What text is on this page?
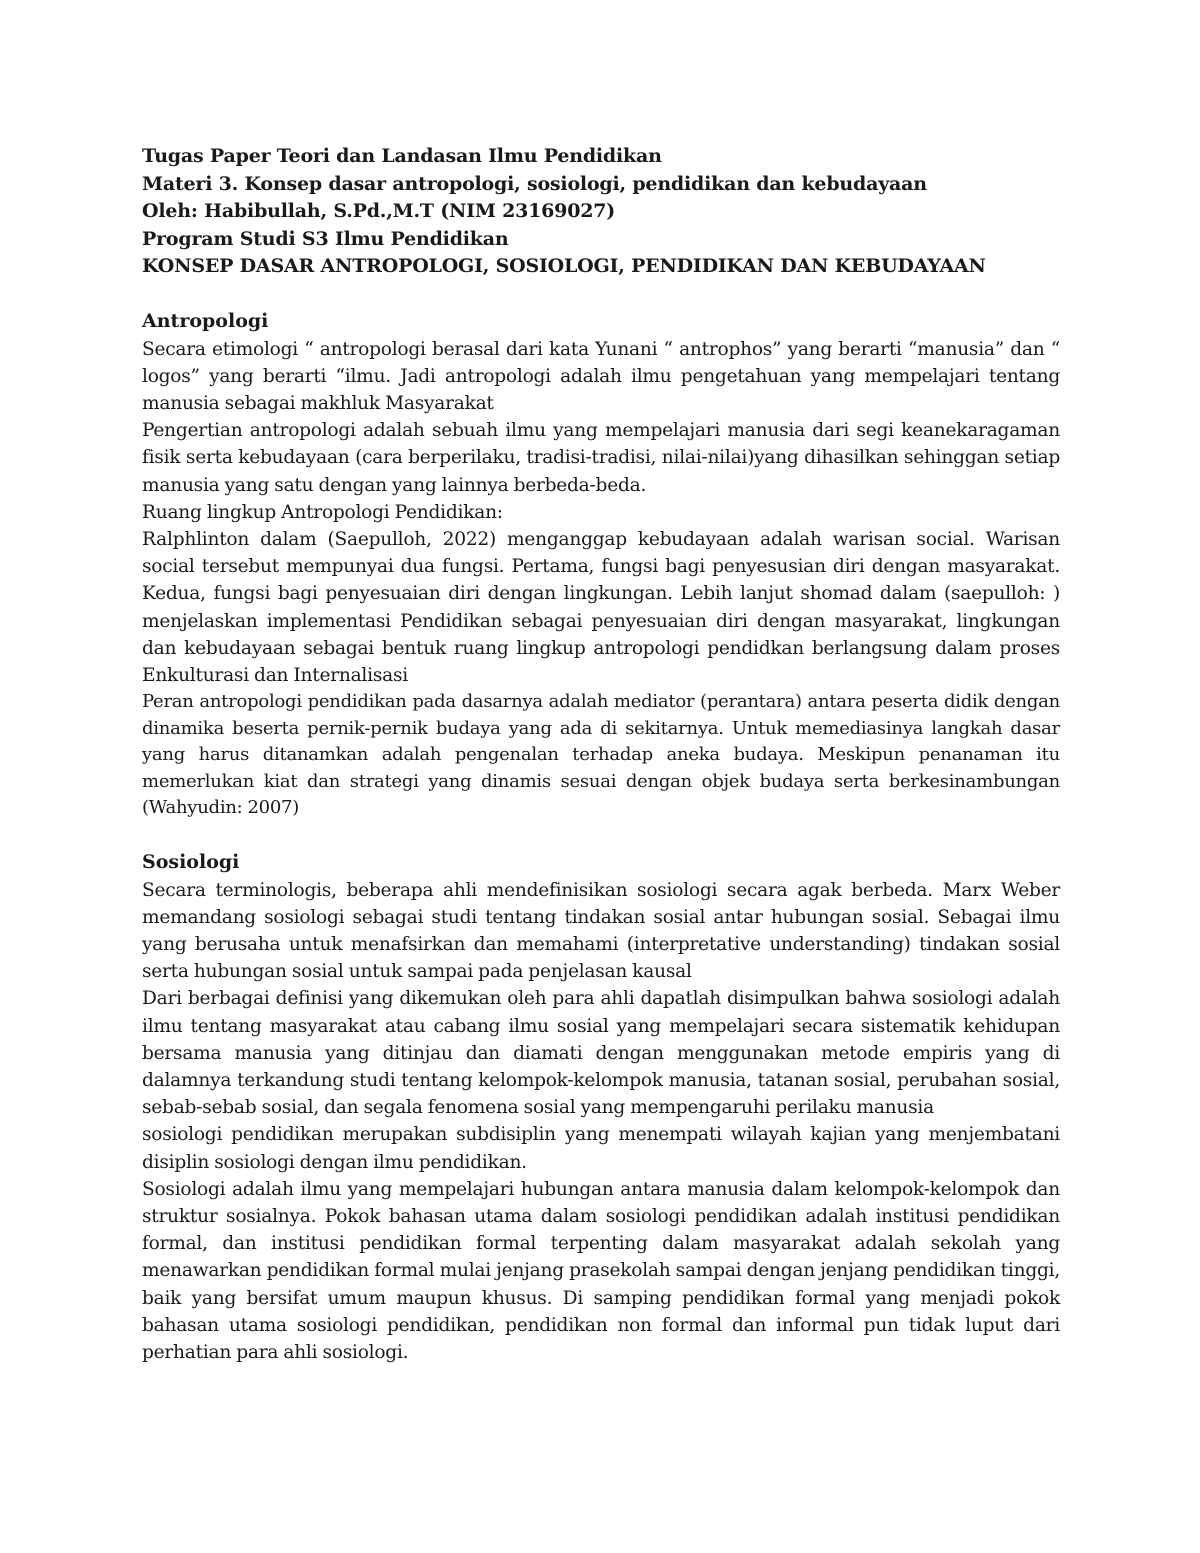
Tugas Paper Teori dan Landasan Ilmu Pendidikan
Materi 3. Konsep dasar antropologi, sosiologi, pendidikan dan kebudayaan
Oleh: Habibullah, S.Pd.,M.T (NIM 23169027)
Program Studi S3 Ilmu Pendidikan
KONSEP DASAR ANTROPOLOGI, SOSIOLOGI, PENDIDIKAN DAN KEBUDAYAAN
Antropologi

Secara etimologi “ antropologi berasal dari kata Yunani “ antrophos” yang berarti “manusia” dan “ logos” yang berarti “ilmu. Jadi antropologi adalah ilmu pengetahuan yang mempelajari tentang manusia sebagai makhluk Masyarakat

Pengertian antropologi adalah sebuah ilmu yang mempelajari manusia dari segi keanekaragaman fisik serta kebudayaan (cara berperilaku, tradisi-tradisi, nilai-nilai)yang dihasilkan sehinggan setiap manusia yang satu dengan yang lainnya berbeda-beda.

Ruang lingkup Antropologi Pendidikan:

Ralphlinton dalam (Saepulloh, 2022) menganggap kebudayaan adalah warisan social. Warisan social tersebut mempunyai dua fungsi. Pertama, fungsi bagi penyesusian diri dengan masyarakat. Kedua, fungsi bagi penyesuaian diri dengan lingkungan. Lebih lanjut shomad dalam (saepulloh: ) menjelaskan implementasi Pendidikan sebagai penyesuaian diri dengan masyarakat, lingkungan dan kebudayaan sebagai bentuk ruang lingkup antropologi pendidkan berlangsung dalam proses Enkulturasi dan Internalisasi

Peran antropologi pendidikan pada dasarnya adalah mediator (perantara) antara peserta didik dengan dinamika beserta pernik-pernik budaya yang ada di sekitarnya. Untuk memediasinya langkah dasar yang harus ditanamkan adalah pengenalan terhadap aneka budaya. Meskipun penanaman itu memerlukan kiat dan strategi yang dinamis sesuai dengan objek budaya serta berkesinambungan (Wahyudin: 2007)

Sosiologi

Secara terminologis, beberapa ahli mendefinisikan sosiologi secara agak berbeda. Marx Weber memandang sosiologi sebagai studi tentang tindakan sosial antar hubungan sosial. Sebagai ilmu yang berusaha untuk menafsirkan dan memahami (interpretative understanding) tindakan sosial serta hubungan sosial untuk sampai pada penjelasan kausal

Dari berbagai definisi yang dikemukan oleh para ahli dapatlah disimpulkan bahwa sosiologi adalah ilmu tentang masyarakat atau cabang ilmu sosial yang mempelajari secara sistematik kehidupan bersama manusia yang ditinjau dan diamati dengan menggunakan metode empiris yang di dalamnya terkandung studi tentang kelompok-kelompok manusia, tatanan sosial, perubahan sosial, sebab-sebab sosial, dan segala fenomena sosial yang mempengaruhi perilaku manusia

sosiologi pendidikan merupakan subdisiplin yang menempati wilayah kajian yang menjembatani disiplin sosiologi dengan ilmu pendidikan.

Sosiologi adalah ilmu yang mempelajari hubungan antara manusia dalam kelompok-kelompok dan struktur sosialnya. Pokok bahasan utama dalam sosiologi pendidikan adalah institusi pendidikan formal, dan institusi pendidikan formal terpenting dalam masyarakat adalah sekolah yang menawarkan pendidikan formal mulai jenjang prasekolah sampai dengan jenjang pendidikan tinggi, baik yang bersifat umum maupun khusus. Di samping pendidikan formal yang menjadi pokok bahasan utama sosiologi pendidikan, pendidikan non formal dan informal pun tidak luput dari perhatian para ahli sosiologi.
